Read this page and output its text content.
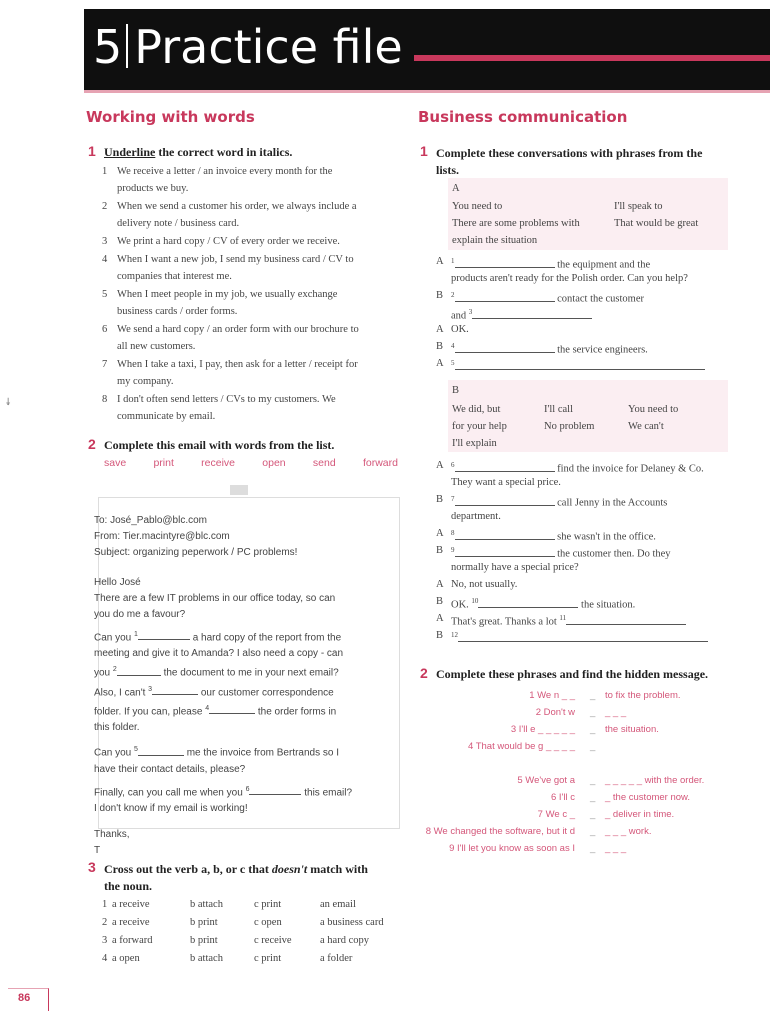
5 Practice file
Working with words
1 Underline the correct word in italics.
1 We receive a letter / an invoice every month for the
products we buy.
2 When we send a customer his order, we always include a
delivery note / business card.
3 We print a hard copy / CV of every order we receive.
4 When I want a new job, I send my business card / CV to
companies that interest me.
5 When I meet people in my job, we usually exchange
business cards / order forms.
6 We send a hard copy / an order form with our brochure to
all new customers.
7 When I take a taxi, I pay, then ask for a letter / receipt for
my company.
8 I don't often send letters / CVs to my customers. We
communicate by email.
2 Complete this email with words from the list.
save	print	receive	open	send	forward
To: José_Pablo@blc.com
From: Tier.macintyre@blc.com
Subject: organizing peperwork / PC problems!
Hello José
There are a few IT problems in our office today, so can
you do me a favour?
Can you $^1$	a hard copy of the report from the
meeting and give it to Amanda? I also need a copy - can
you $^2$	the document to me in your next email?
Also, I can't $^3$	our customer correspondence
folder. If you can, please $^4$	the order forms in
this folder.
Can you $^5$	me the invoice from Bertrands so I
have their contact details, please?
Finally, can you call me when you $^6$	this email?
I don't know if my email is working!
Thanks,
T
3 Cross out the verb a, b, or c that doesn't match with
the noun.
1 a receive	b attach	c print	an email
2 a receive	b print	c open	a business card
3 a forward	b print	c receive	a hard copy
4 a open	b attach	c print	a folder
Business communication
1 Complete these conversations with phrases from the
lists.
A
You need to
There are some problems with
explain the situation
I'll speak to
That would be great
A $^1$	the equipment and the
products aren't ready for the Polish order. Can you help?
B $^2$	contact the customer
and $^3$
A OK.
B $^4$	the service engineers.
A $^5$
B
We did, but
for your help
I'll explain
I'll call
No problem
You need to
We can't
A $^6$	find the invoice for Delaney & Co.
They want a special price.
B $^7$	call Jenny in the Accounts
department.
A $^8$	she wasn't in the office.
B $^9$	the customer then. Do they
normally have a special price?
A No, not usually.
B OK. $^{10}$	the situation.
A That's great. Thanks a lot $^{11}$
B $^{12}$
2 Complete these phrases and find the hidden message.
1 We n _ _ _ to fix the problem.
2 Don't w _ _ _ _
3 I'll e _ _ _ _ _ _ the situation.
4 That would be g _ _ _ _ _
5 We've got a _ _ _ _ _ _ with the order.
6 I'll c _ _ the customer now.
7 We c _ _ _ deliver in time.
8 We changed the software, but it d _ _ _ _ work.
9 I'll let you know as soon as I _ _ _ _
86
↡
